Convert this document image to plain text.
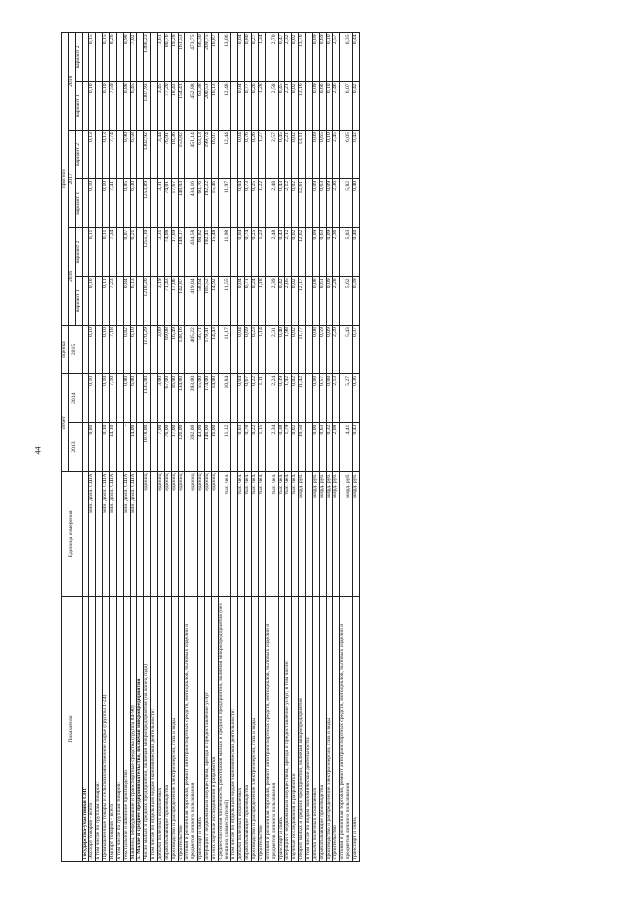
44
Показатели	Единица измерения	отчет		оценка	прогноз					
		2013	2014	2015	2016		2017		2018	
					вариант 1	вариант 2	вариант 1	вариант 2	вариант 1	вариант 2
Государства-участники СНГ										
Экспорт товаров - всего	млн. долл. США	0,80	0,10	0,10	0,10	0,11	0,10	0,13	0,10	0,15
в том числе по группам товаров:										
Промышленные товары и сельскохозяйственное сырье (группы 1-24)	млн. долл. США	0,10	0,10	0,10	0,11	0,11	0,10	0,13	0,10	0,15
Импорт товаров - всего	млн. долл. США	14,10	7,10	7,18	7,23	7,34	7,41	7,74	7,59	8,26
в том числе по группам товаров:										
текстильное и швейное производство	млн. долл. США	-	0,80	0,82	0,84	0,87	0,85	0,90	0,88	0,98
Машины, оборудование и транспортные средства (группа 84-90)	млн. долл. США	14,00	6,00	6,10	6,13	6,21	6,30	6,58	6,45	7,02
5. Малое и среднее предпринимательство, включая микропредприятия										
Число малых и средних предприятий, включая микропредприятия (на конец года)	единиц	1078,00	1135,00	1170,29	1210,20	1255,10	1253,89	1302,92	1307,93	1366,23
в том числе по отдельным видам экономической деятельности:										
добыча полезных ископаемых	единиц	7,00	3,00	3,09	3,19	3,31	3,31	3,44	3,45	3,61
обрабатывающие производства	единиц	76,00	67,00	69,08	71,43	74,08	74,01	76,91	77,20	80,76
производство и распределение электроэнергии, газа и воды	единиц	17,00	16,00	16,49	17,06	17,69	17,67	18,36	18,43	19,28
строительство	единиц	126,00	134,00	138,16	142,87	148,17	148,03	153,82	154,41	161,53
оптовая и розничная торговля, ремонт автотранспортных средств, мотоциклов, бытовых изделий и предметов личного пользования	единиц	392,00	393,00	405,22	419,04	434,58	434,16	451,14	452,88	473,75
транспорт и связь	единиц	43,00	55,00	56,71	58,64	60,82	60,76	63,13	63,38	66,30
операции с недвижимым имуществом, аренда и предоставление услуг	единиц	146,00	174,00	179,41	185,52	192,41	192,22	199,74	200,51	209,75
из них научные исследования и разработки	единиц	16,00	14,00	14,43	14,92	15,48	15,46	16,07	16,13	16,87
Среднесписочная численность работников малых и средних предприятий, включая микропредприятия (без внешних совместителей)	тыс. чел.	11,12	10,84	11,17	11,55	11,98	11,97	12,44	12,48	13,06
в том числе по отдельным видам экономической деятельности:										
добыча полезных ископаемых	тыс. чел.	0,03	0,04	0,04	0,04	0,04	0,04	0,04	0,04	0,04
обрабатывающие производства	тыс. чел.	0,70	0,67	0,69	0,71	0,74	0,73	0,76	0,77	0,80
производство и распределение электроэнергии, газа и воды	тыс. чел.	0,22	0,22	0,23	0,24	0,25	0,25	0,26	0,26	0,27
строительство	тыс. чел.	1,15	1,11	1,14	1,18	1,23	1,22	1,27	1,28	1,34
оптовая и розничная торговля, ремонт автотранспортных средств, мотоциклов, бытовых изделий и предметов личного пользования	тыс. чел.	2,34	2,24	2,31	2,39	2,48	2,48	2,57	2,58	2,70
транспорт и связь	тыс. чел.	0,38	0,39	0,40	0,42	0,43	0,43	0,45	0,45	0,47
операции с недвижимым имуществом, аренда и предоставление услуг, в том числе:	тыс. чел.	1,79	1,92	1,98	2,05	2,12	2,12	2,21	2,21	2,32
научные исследования и разработки	тыс. чел.	0,02	0,02	0,02	0,02	0,02	0,02	0,02	0,02	0,02
Оборот малых и средних предприятий, включая микропредприятия	млрд. руб.	10,50	11,42	11,77	12,17	12,62	12,61	13,11	13,16	13,76
в том числе по видам экономической деятельности:										
добыча полезных ископаемых	млрд. руб.	0,00	0,08	0,08	0,08	0,09	0,09	0,09	0,09	0,09
обрабатывающие производства	млрд. руб.	0,63	0,57	0,59	0,61	0,63	0,63	0,65	0,66	0,69
производство и распределение электроэнергии, газа и воды	млрд. руб.	0,32	0,08	0,09	0,09	0,09	0,09	0,10	0,10	0,10
строительство	млрд. руб.	2,08	2,13	2,20	2,28	2,36	2,36	2,45	2,46	2,57
оптовая и розничная торговля, ремонт автотранспортных средств, мотоциклов, бытовых изделий и предметов личного пользования	млрд. руб.	4,41	5,27	5,43	5,62	5,83	5,82	6,05	6,07	6,35
транспорт и связь	млрд. руб.	0,43	0,36	0,37	0,39	0,40	0,40	0,42	0,42	0,44
